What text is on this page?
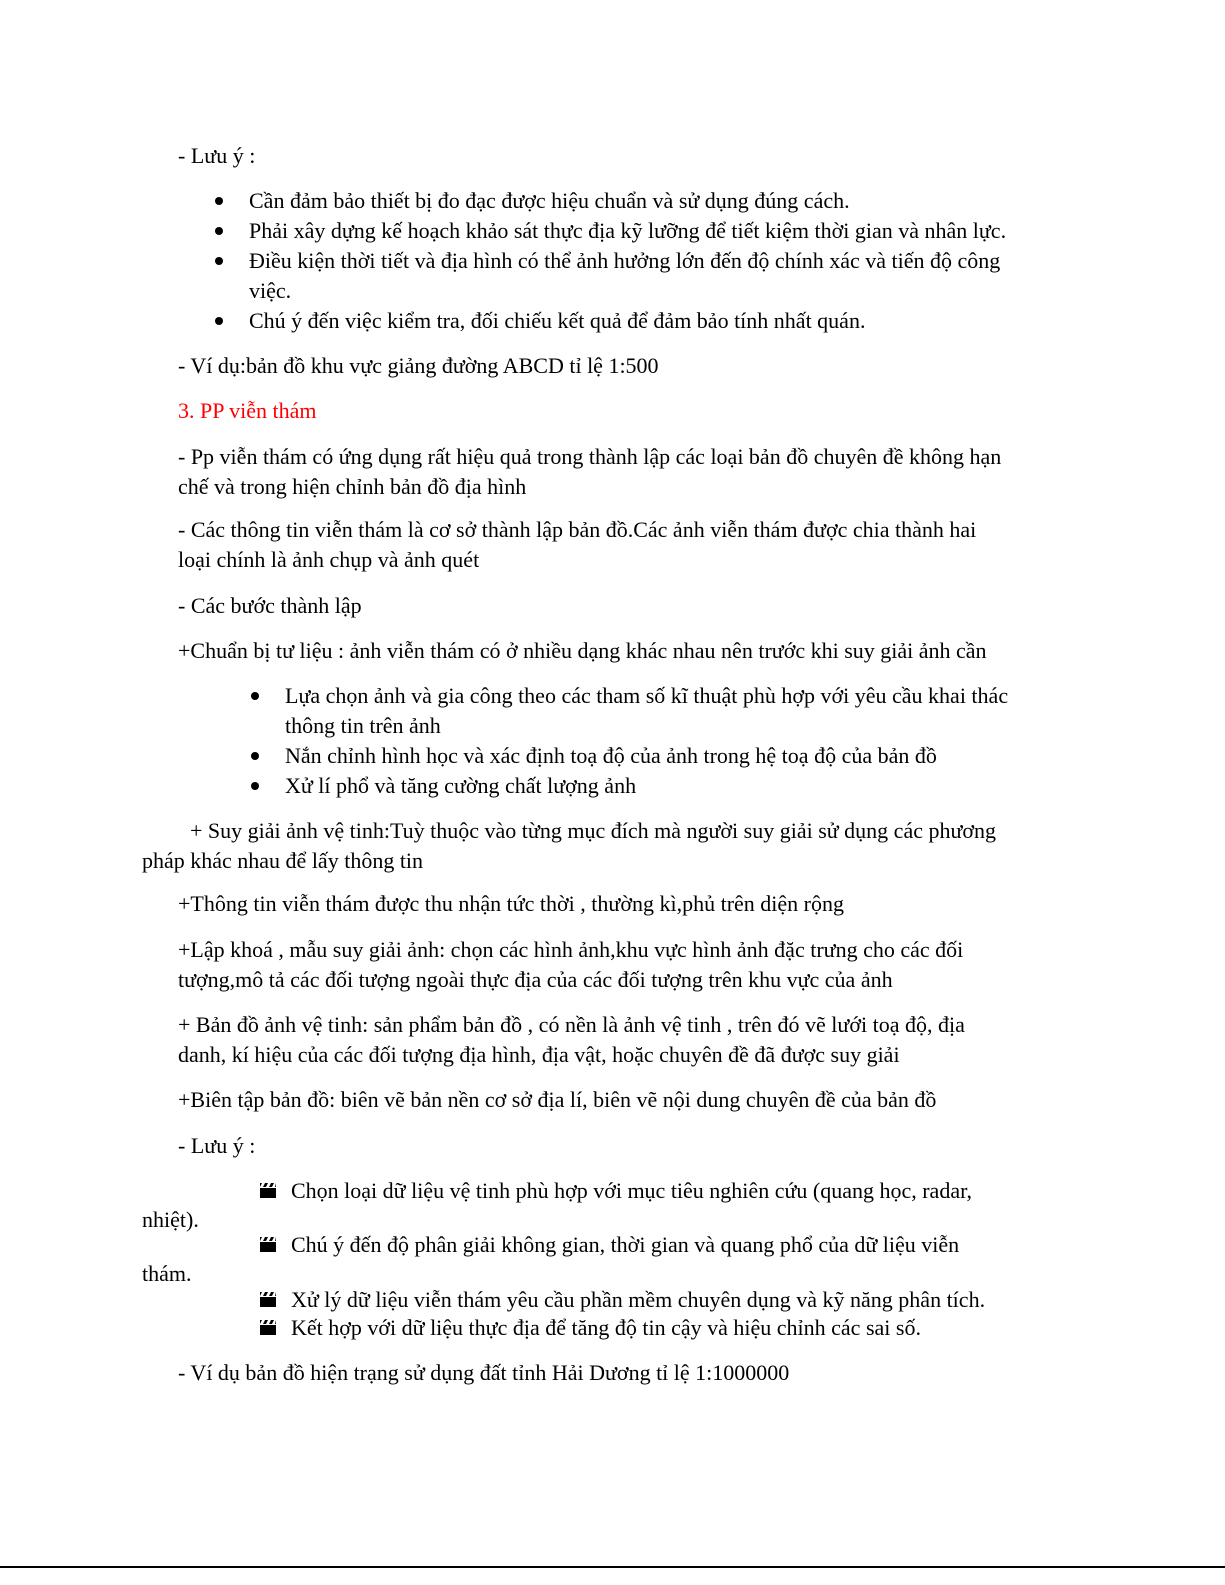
- Lưu ý :
Cần đảm bảo thiết bị đo đạc được hiệu chuẩn và sử dụng đúng cách.
Phải xây dựng kế hoạch khảo sát thực địa kỹ lưỡng để tiết kiệm thời gian và nhân lực.
Điều kiện thời tiết và địa hình có thể ảnh hưởng lớn đến độ chính xác và tiến độ công
việc.
Chú ý đến việc kiểm tra, đối chiếu kết quả để đảm bảo tính nhất quán.
- Ví dụ:bản đồ khu vực giảng đường ABCD tỉ lệ 1:500
3. PP viễn thám
- Pp viễn thám có ứng dụng rất hiệu quả trong thành lập các loại bản đồ chuyên đề không hạn
chế và trong hiện chỉnh bản đồ địa hình
- Các thông tin viễn thám là cơ sở thành lập bản đồ.Các ảnh viễn thám được chia thành hai
loại chính là ảnh chụp và ảnh quét
- Các bước thành lập
+Chuẩn bị tư liệu : ảnh viễn thám có ở nhiều dạng khác nhau nên trước khi suy giải ảnh cần
Lựa chọn ảnh và gia công theo các tham số kĩ thuật phù hợp với yêu cầu khai thác
thông tin trên ảnh
Nắn chỉnh hình học và xác định toạ độ của ảnh trong hệ toạ độ của bản đồ
Xử lí phổ và tăng cường chất lượng ảnh
+ Suy giải ảnh vệ tinh:Tuỳ thuộc vào từng mục đích mà người suy giải sử dụng các phương
pháp khác nhau để lấy thông tin
+Thông tin viễn thám được thu nhận tức thời , thường kì,phủ trên diện rộng
+Lập khoá , mẫu suy giải ảnh: chọn các hình ảnh,khu vực hình ảnh đặc trưng cho các đối
tượng,mô tả các đối tượng ngoài thực địa của các đối tượng trên khu vực của ảnh
+ Bản đồ ảnh vệ tinh: sản phẩm bản đồ , có nền là ảnh vệ tinh , trên đó vẽ lưới toạ độ, địa
danh, kí hiệu của các đối tượng địa hình, địa vật, hoặc chuyên đề đã được suy giải
+Biên tập bản đồ: biên vẽ bản nền cơ sở địa lí, biên vẽ nội dung chuyên đề của bản đồ
- Lưu ý :
Chọn loại dữ liệu vệ tinh phù hợp với mục tiêu nghiên cứu (quang học, radar,
nhiệt).
Chú ý đến độ phân giải không gian, thời gian và quang phổ của dữ liệu viễn
thám.
Xử lý dữ liệu viễn thám yêu cầu phần mềm chuyên dụng và kỹ năng phân tích.
Kết hợp với dữ liệu thực địa để tăng độ tin cậy và hiệu chỉnh các sai số.
- Ví dụ bản đồ hiện trạng sử dụng đất tỉnh Hải Dương tỉ lệ 1:1000000
